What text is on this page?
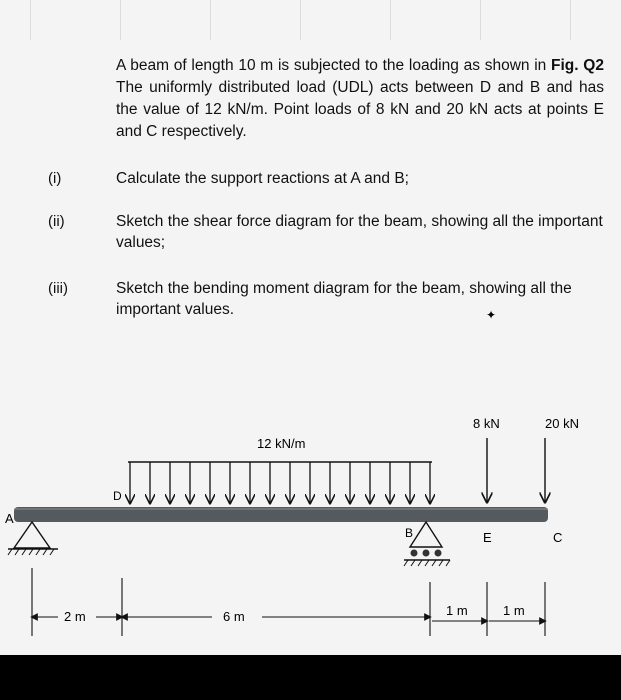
A beam of length 10 m is subjected to the loading as shown in Fig. Q2 The uniformly distributed load (UDL) acts between D and B and has the value of 12 kN/m. Point loads of 8 kN and 20 kN acts at points E and C respectively.
(i)	Calculate the support reactions at A and B;
(ii)	Sketch the shear force diagram for the beam, showing all the important values;
(iii)	Sketch the bending moment diagram for the beam, showing all the important values.	✦
12 kN/m
8 kN	20 kN
A
D
B	E	C
2 m	6 m	1 m	1 m
